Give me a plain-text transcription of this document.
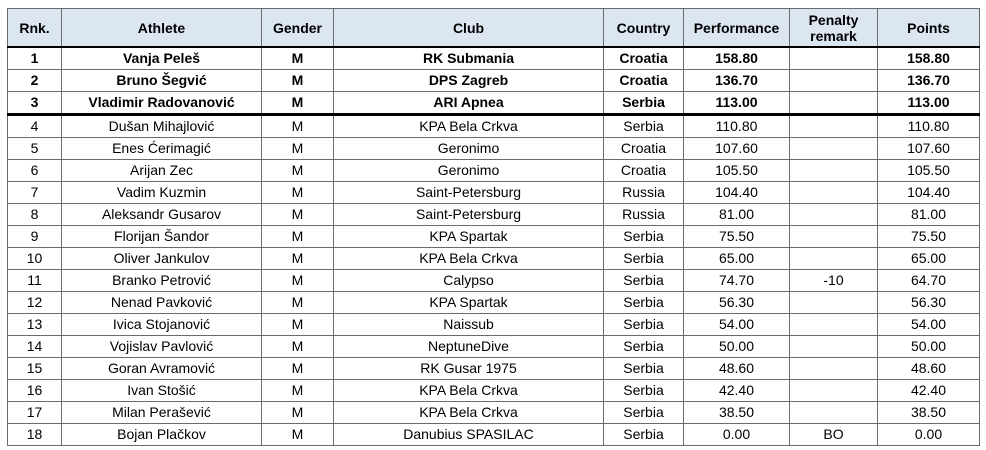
Rnk.	Athlete	Gender	Club	Country	Performance	Penalty remark	Points
1	Vanja Peleš	M	RK Submania	Croatia	158.80		158.80
2	Bruno Šegvić	M	DPS Zagreb	Croatia	136.70		136.70
3	Vladimir Radovanović	M	ARI Apnea	Serbia	113.00		113.00
4	Dušan Mihajlović	M	KPA Bela Crkva	Serbia	110.80		110.80
5	Enes Ćerimagić	M	Geronimo	Croatia	107.60		107.60
6	Arijan Zec	M	Geronimo	Croatia	105.50		105.50
7	Vadim Kuzmin	M	Saint-Petersburg	Russia	104.40		104.40
8	Aleksandr Gusarov	M	Saint-Petersburg	Russia	81.00		81.00
9	Florijan Šandor	M	KPA Spartak	Serbia	75.50		75.50
10	Oliver Jankulov	M	KPA Bela Crkva	Serbia	65.00		65.00
11	Branko Petrović	M	Calypso	Serbia	74.70	-10	64.70
12	Nenad Pavković	M	KPA Spartak	Serbia	56.30		56.30
13	Ivica Stojanović	M	Naissub	Serbia	54.00		54.00
14	Vojislav Pavlović	M	NeptuneDive	Serbia	50.00		50.00
15	Goran Avramović	M	RK Gusar 1975	Serbia	48.60		48.60
16	Ivan Stošić	M	KPA Bela Crkva	Serbia	42.40		42.40
17	Milan Perašević	M	KPA Bela Crkva	Serbia	38.50		38.50
18	Bojan Plačkov	M	Danubius SPASILAC	Serbia	0.00	BO	0.00
